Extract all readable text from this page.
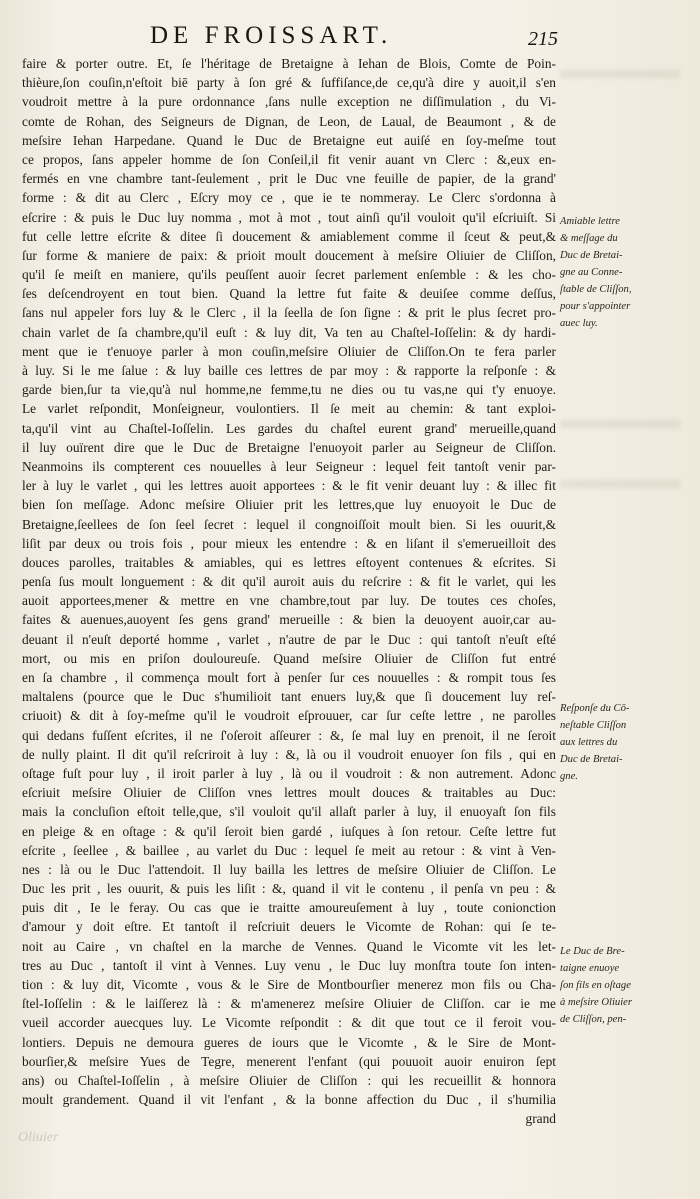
DE FROISSART.	215
faire & porter outre. Et, ſe l'héritage de Bretaigne à Iehan de Blois, Comte de Poin-
thièure,ſon couſin,n'eſtoit biē party à ſon gré & ſuffiſance,de ce,qu'à dire y auoit,il s'en
voudroit mettre à la pure ordonnance ,ſans nulle exception ne diſſimulation , du Vi-
comte de Rohan, des Seigneurs de Dignan, de Leon, de Laual, de Beaumont , & de
meſsire Iehan Harpedane. Quand le Duc de Bretaigne eut auiſé en ſoy-meſme tout
ce propos, ſans appeler homme de ſon Conſeil,il fit venir auant vn Clerc : &,eux en-
fermés en vne chambre tant-ſeulement , prit le Duc vne feuille de papier, de la grand'
forme : & dit au Clerc , Eſcry moy ce , que ie te nommeray. Le Clerc s'ordonna à
eſcrire : & puis le Duc luy nomma , mot à mot , tout ainſi qu'il vouloit qu'il eſcriuiſt. Si
fut celle lettre eſcrite & ditee ſi doucement & amiablement comme il ſceut & peut,&
ſur forme & maniere de paix: & prioit moult doucement à meſsire Oliuier de Cliſſon,
qu'il ſe meiſt en maniere, qu'ils peuſſent auoir ſecret parlement enſemble : & les cho-
ſes deſcendroyent en tout bien. Quand la lettre fut faite & deuiſee comme deſſus,
ſans nul appeler fors luy & le Clerc , il la ſeella de ſon ſigne : & prit le plus ſecret pro-
chain varlet de ſa chambre,qu'il euſt : & luy dit, Va ten au Chaſtel-Ioſſelin: & dy hardi-
ment que ie t'enuoye parler à mon couſin,meſsire Oliuier de Cliſſon.On te fera parler
à luy. Si le me ſalue : & luy baille ces lettres de par moy : & rapporte la reſponſe : &
garde bien,ſur ta vie,qu'à nul homme,ne femme,tu ne dies ou tu vas,ne qui t'y enuoye.
Le varlet reſpondit, Monſeigneur, voulontiers. Il ſe meit au chemin: & tant exploi-
ta,qu'il vint au Chaſtel-Ioſſelin. Les gardes du chaſtel eurent grand' merueille,quand
il luy ouïrent dire que le Duc de Bretaigne l'enuoyoit parler au Seigneur de Cliſſon.
Neanmoins ils compterent ces nouuelles à leur Seigneur : lequel feit tantoſt venir par-
ler à luy le varlet , qui les lettres auoit apportees : & le fit venir deuant luy : & illec fit
bien ſon meſſage. Adonc meſsire Oliuier prit les lettres,que luy enuoyoit le Duc de
Bretaigne,ſeellees de ſon ſeel ſecret : lequel il congnoiſſoit moult bien. Si les ouurit,&
liſit par deux ou trois fois , pour mieux les entendre : & en liſant il s'emerueilloit des
douces parolles, traitables & amiables, qui es lettres eſtoyent contenues & eſcrites. Si
penſa ſus moult longuement : & dit qu'il auroit auis du reſcrire : & fit le varlet, qui les
auoit apportees,mener & mettre en vne chambre,tout par luy. De toutes ces choſes,
faites & auenues,auoyent ſes gens grand' merueille : & bien la deuoyent auoir,car au-
deuant il n'euſt deporté homme , varlet , n'autre de par le Duc : qui tantoſt n'euſt eſté
mort, ou mis en priſon douloureuſe. Quand meſsire Oliuier de Cliſſon fut entré
en ſa chambre , il commença moult fort à penſer ſur ces nouuelles : & rompit tous ſes
maltalens (pource que le Duc s'humilioit tant enuers luy,& que ſi doucement luy reſ-
criuoit) & dit à ſoy-meſme qu'il le voudroit eſprouuer, car ſur ceſte lettre , ne parolles
qui dedans fuſſent eſcrites, il ne ſ'oſeroit aſſeurer : &, ſe mal luy en prenoit, il ne ſeroit
de nully plaint. Il dit qu'il reſcriroit à luy : &, là ou il voudroit enuoyer ſon fils , qui en
oſtage fuſt pour luy , il iroit parler à luy , là ou il voudroit : & non autrement. Adonc
eſcriuit meſsire Oliuier de Cliſſon vnes lettres moult douces & traitables au Duc:
mais la concluſion eſtoit telle,que, s'il vouloit qu'il allaſt parler à luy, il enuoyaſt ſon fils
en pleige & en oſtage : & qu'il ſeroit bien gardé , iuſques à ſon retour. Ceſte lettre fut
eſcrite , ſeellee , & baillee , au varlet du Duc : lequel ſe meit au retour : & vint à Ven-
nes : là ou le Duc l'attendoit. Il luy bailla les lettres de meſsire Oliuier de Cliſſon. Le
Duc les prit , les ouurit, & puis les liſit : &, quand il vit le contenu , il penſa vn peu : &
puis dit , Ie le feray. Ou cas que ie traitte amoureuſement à luy , toute conionction
d'amour y doit eſtre. Et tantoſt il reſcriuit deuers le Vicomte de Rohan: qui ſe te-
noit au Caire , vn chaſtel en la marche de Vennes. Quand le Vicomte vit les let-
tres au Duc , tantoſt il vint à Vennes. Luy venu , le Duc luy monſtra toute ſon inten-
tion : & luy dit, Vicomte , vous & le Sire de Montbourſier menerez mon fils ou Cha-
ſtel-Ioſſelin : & le laiſſerez là : & m'amenerez meſsire Oliuier de Cliſſon. car ie me
vueil accorder auecques luy. Le Vicomte reſpondit : & dit que tout ce il feroit vou-
lontiers. Depuis ne demoura gueres de iours que le Vicomte , & le Sire de Mont-
bourſier,& meſsire Yues de Tegre, menerent l'enfant (qui pouuoit auoir enuiron ſept
ans) ou Chaſtel-Ioſſelin , à meſsire Oliuier de Cliſſon : qui les recueillit & honnora
moult grandement. Quand il vit l'enfant , & la bonne affection du Duc , il s'humilia
grand
Amiable lettre
& meſſage du
Duc de Bretai-
gne au Conne-
ſtable de Cliſſon,
pour s'appointer
auec luy.
Reſponſe du Cō-
neſtable Cliſſon
aux lettres du
Duc de Bretai-
gne.
Le Duc de Bre-
taigne enuoye
ſon fils en oſtage
à meſsire Oliuier
de Cliſſon, pen-
Oliuier
